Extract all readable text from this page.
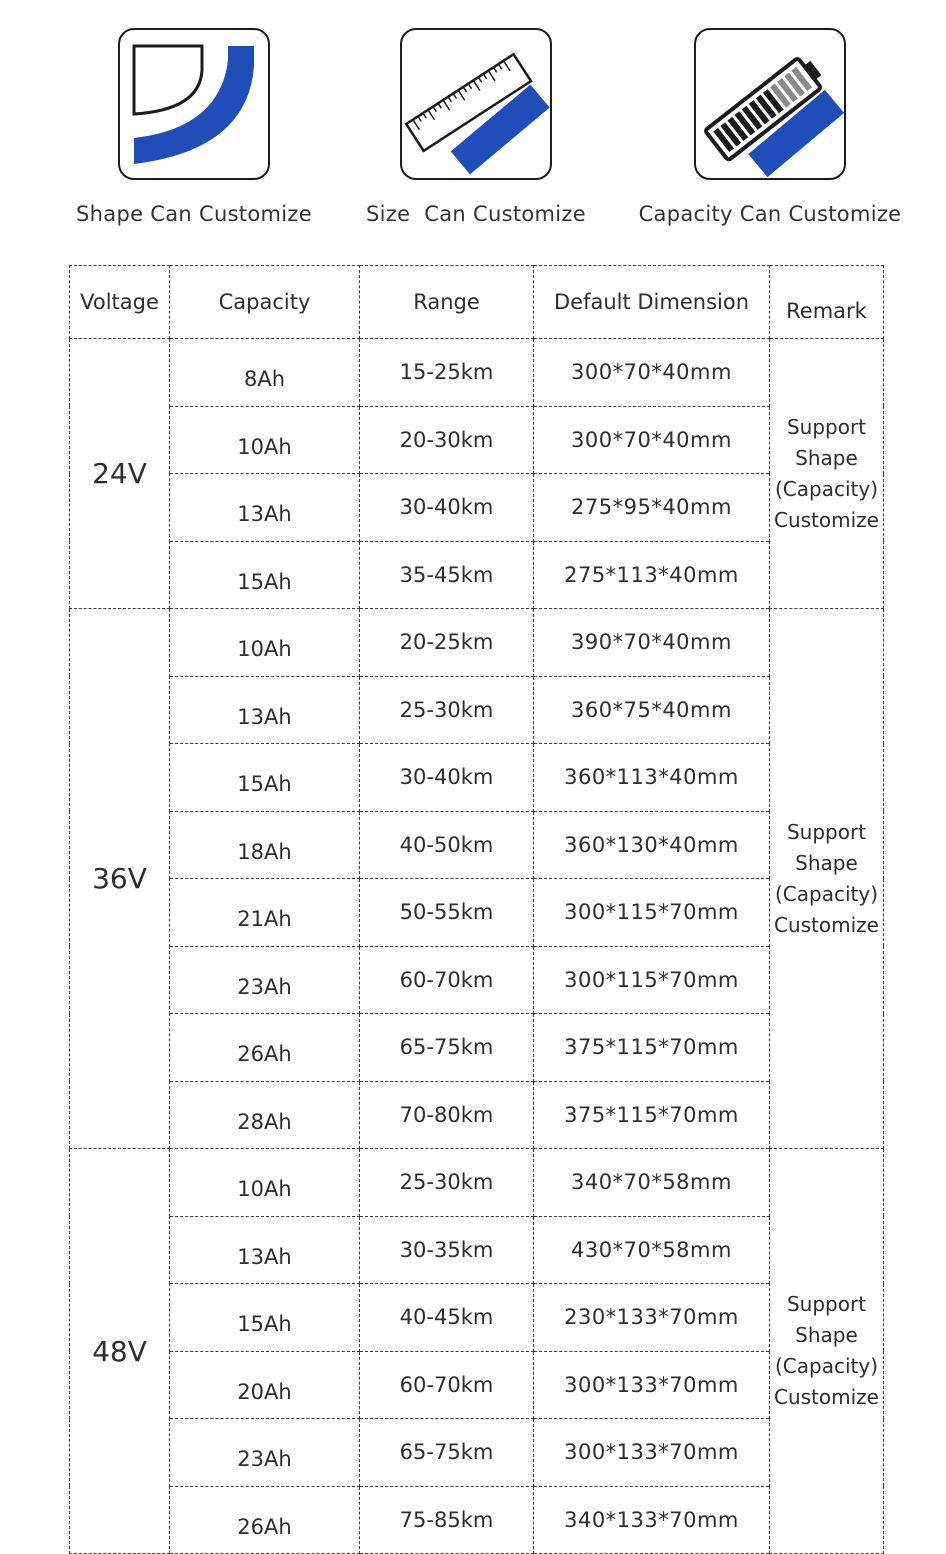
Shape Can Customize	Size  Can Customize	Capacity Can Customize
Voltage	Capacity	Range	Default Dimension	Remark
24V	8Ah	15-25km	300*70*40mm	Support
Shape
(Capacity)
Customize

	10Ah	20-30km	300*70*40mm	
	13Ah	30-40km	275*95*40mm	
	15Ah	35-45km	275*113*40mm	
36V	10Ah	20-25km	390*70*40mm	Support
Shape
(Capacity)
Customize

	13Ah	25-30km	360*75*40mm	
	15Ah	30-40km	360*113*40mm	
	18Ah	40-50km	360*130*40mm	
	21Ah	50-55km	300*115*70mm	
	23Ah	60-70km	300*115*70mm	
	26Ah	65-75km	375*115*70mm	
	28Ah	70-80km	375*115*70mm	
48V	10Ah	25-30km	340*70*58mm	Support
Shape
(Capacity)
Customize

	13Ah	30-35km	430*70*58mm	
	15Ah	40-45km	230*133*70mm	
	20Ah	60-70km	300*133*70mm	
	23Ah	65-75km	300*133*70mm	
	26Ah	75-85km	340*133*70mm	
